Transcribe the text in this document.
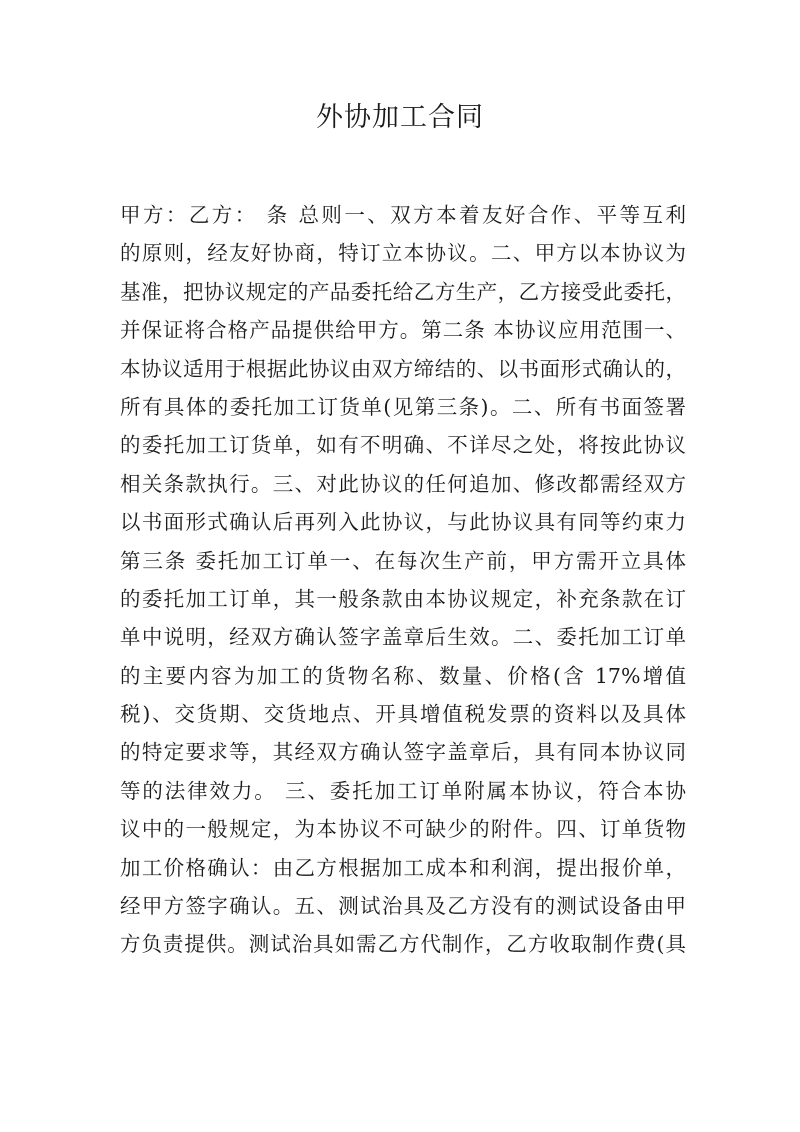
外协加工合同
甲方：乙方： 条 总则一、双方本着友好合作、平等互利
的原则，经友好协商，特订立本协议。二、甲方以本协议为
基准，把协议规定的产品委托给乙方生产，乙方接受此委托，
并保证将合格产品提供给甲方。第二条 本协议应用范围一、
本协议适用于根据此协议由双方缔结的、以书面形式确认的，
所有具体的委托加工订货单(见第三条)。二、所有书面签署
的委托加工订货单，如有不明确、不详尽之处，将按此协议
相关条款执行。三、对此协议的任何追加、修改都需经双方
以书面形式确认后再列入此协议，与此协议具有同等约束力
第三条 委托加工订单一、在每次生产前，甲方需开立具体
的委托加工订单，其一般条款由本协议规定，补充条款在订
单中说明，经双方确认签字盖章后生效。二、委托加工订单
的主要内容为加工的货物名称、数量、价格(含 17%增值
税)、交货期、交货地点、开具增值税发票的资料以及具体
的特定要求等，其经双方确认签字盖章后，具有同本协议同
等的法律效力。 三、委托加工订单附属本协议，符合本协
议中的一般规定，为本协议不可缺少的附件。四、订单货物
加工价格确认：由乙方根据加工成本和利润，提出报价单，
经甲方签字确认。五、测试治具及乙方没有的测试设备由甲
方负责提供。测试治具如需乙方代制作，乙方收取制作费(具
